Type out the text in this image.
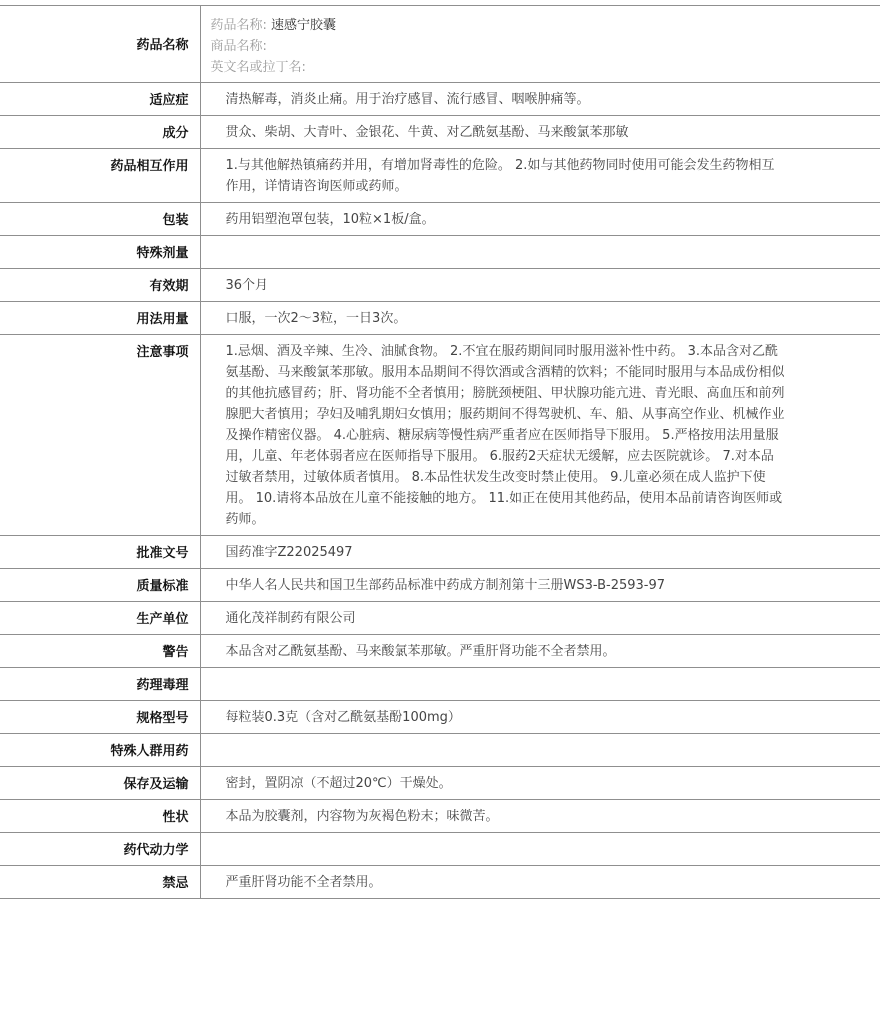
药品名称	药品名称: 速感宁胶囊
商品名称:
英文名或拉丁名:

适应症	清热解毒，消炎止痛。用于治疗感冒、流行感冒、咽喉肿痛等。
成分	贯众、柴胡、大青叶、金银花、牛黄、对乙酰氨基酚、马来酸氯苯那敏
药品相互作用	1.与其他解热镇痛药并用，有增加肾毒性的危险。 2.如与其他药物同时使用可能会发生药物相互作用，详情请咨询医师或药师。
包装	药用铝塑泡罩包装，10粒×1板/盒。
特殊剂量	
有效期	36个月
用法用量	口服，一次2～3粒，一日3次。
注意事项	1.忌烟、酒及辛辣、生冷、油腻食物。 2.不宜在服药期间同时服用滋补性中药。 3.本品含对乙酰氨基酚、马来酸氯苯那敏。服用本品期间不得饮酒或含酒精的饮料；不能同时服用与本品成份相似的其他抗感冒药；肝、肾功能不全者慎用；膀胱颈梗阻、甲状腺功能亢进、青光眼、高血压和前列腺肥大者慎用；孕妇及哺乳期妇女慎用；服药期间不得驾驶机、车、船、从事高空作业、机械作业及操作精密仪器。 4.心脏病、糖尿病等慢性病严重者应在医师指导下服用。 5.严格按用法用量服用，儿童、年老体弱者应在医师指导下服用。 6.服药2天症状无缓解，应去医院就诊。 7.对本品过敏者禁用，过敏体质者慎用。 8.本品性状发生改变时禁止使用。 9.儿童必须在成人监护下使用。 10.请将本品放在儿童不能接触的地方。 11.如正在使用其他药品，使用本品前请咨询医师或药师。
批准文号	国药准字Z22025497
质量标准	中华人名人民共和国卫生部药品标准中药成方制剂第十三册WS3-B-2593-97
生产单位	通化茂祥制药有限公司
警告	本品含对乙酰氨基酚、马来酸氯苯那敏。严重肝肾功能不全者禁用。
药理毒理	
规格型号	每粒装0.3克（含对乙酰氨基酚100mg）
特殊人群用药	
保存及运输	密封，置阴凉（不超过20℃）干燥处。
性状	本品为胶囊剂，内容物为灰褐色粉末；味微苦。
药代动力学	
禁忌	严重肝肾功能不全者禁用。
